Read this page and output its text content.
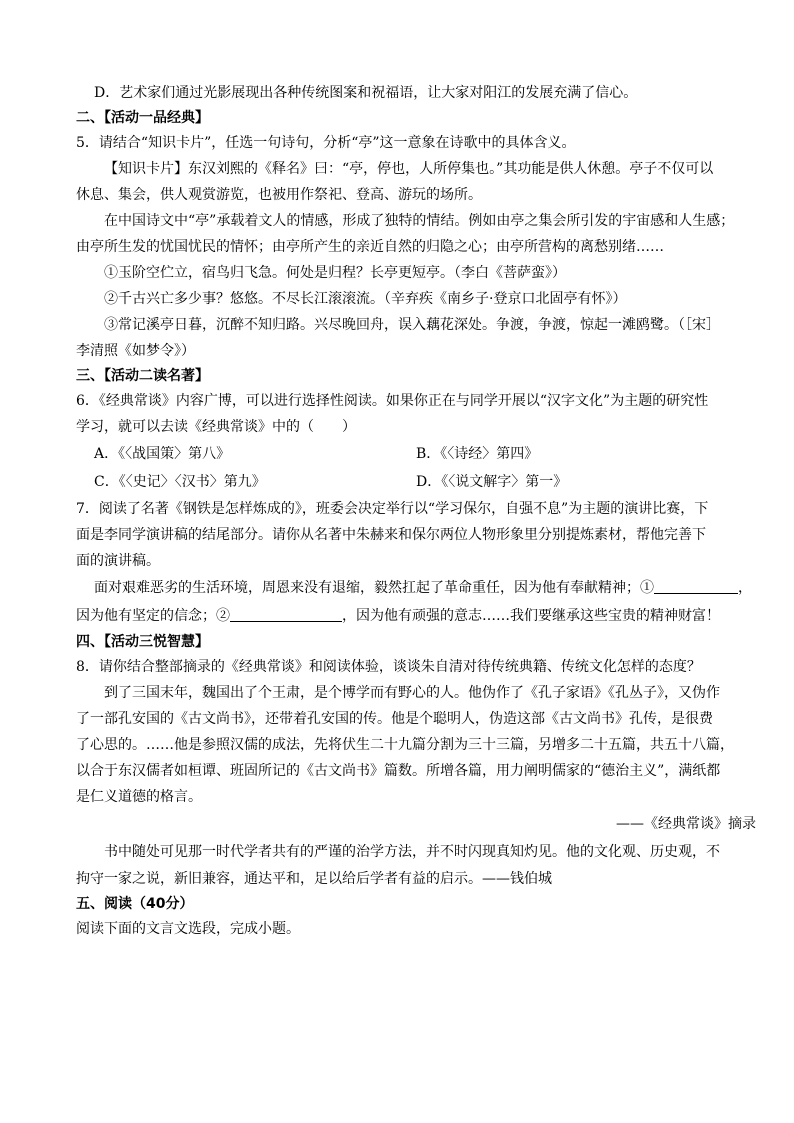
D．艺术家们通过光影展现出各种传统图案和祝福语，让大家对阳江的发展充满了信心。
二、【活动一品经典】
5．请结合“知识卡片”，任选一句诗句，分析“亭”这一意象在诗歌中的具体含义。
【知识卡片】东汉刘熙的《释名》曰：“亭，停也，人所停集也。”其功能是供人休憩。亭子不仅可以
休息、集会，供人观赏游览，也被用作祭祀、登高、游玩的场所。
在中国诗文中“亭”承载着文人的情感，形成了独特的情结。例如由亭之集会所引发的宇宙感和人生感；
由亭所生发的忧国忧民的情怀；由亭所产生的亲近自然的归隐之心；由亭所营构的离愁别绪……
①玉阶空伫立，宿鸟归飞急。何处是归程？长亭更短亭。（李白《菩萨蛮》）
②千古兴亡多少事？悠悠。不尽长江滚滚流。（辛弃疾《南乡子·登京口北固亭有怀》）
③常记溪亭日暮，沉醉不知归路。兴尽晚回舟，误入藕花深处。争渡，争渡，惊起一滩鸥鹭。（［宋］
李清照《如梦令》）
三、【活动二读名著】
6．《经典常谈》内容广博，可以进行选择性阅读。如果你正在与同学开展以“汉字文化”为主题的研究性
学习，就可以去读《经典常谈》中的（　　）
A．《〈战国策〉第八》	B．《〈诗经〉第四》
C．《〈史记〉〈汉书〉第九》	D．《〈说文解字〉第一》
7．阅读了名著《钢铁是怎样炼成的》，班委会决定举行以“学习保尔，自强不息”为主题的演讲比赛，下
面是李同学演讲稿的结尾部分。请你从名著中朱赫来和保尔两位人物形象里分别提炼素材，帮他完善下
面的演讲稿。
面对艰难恶劣的生活环境，周恩来没有退缩，毅然扛起了革命重任，因为他有奉献精神；①	，
因为他有坚定的信念；②	，因为他有顽强的意志……我们要继承这些宝贵的精神财富！
四、【活动三悦智慧】
8．请你结合整部摘录的《经典常谈》和阅读体验，谈谈朱自清对待传统典籍、传统文化怎样的态度？
到了三国末年，魏国出了个王肃，是个博学而有野心的人。他伪作了《孔子家语》《孔丛子》，又伪作
了一部孔安国的《古文尚书》，还带着孔安国的传。他是个聪明人，伪造这部《古文尚书》孔传，是很费
了心思的。……他是参照汉儒的成法，先将伏生二十九篇分割为三十三篇，另增多二十五篇，共五十八篇，
以合于东汉儒者如桓谭、班固所记的《古文尚书》篇数。所增各篇，用力阐明儒家的“德治主义”，满纸都
是仁义道德的格言。
——《经典常谈》摘录
书中随处可见那一时代学者共有的严谨的治学方法，并不时闪现真知灼见。他的文化观、历史观，不
拘守一家之说，新旧兼容，通达平和，足以给后学者有益的启示。——钱伯城
五、阅读（40分）
阅读下面的文言文选段，完成小题。
